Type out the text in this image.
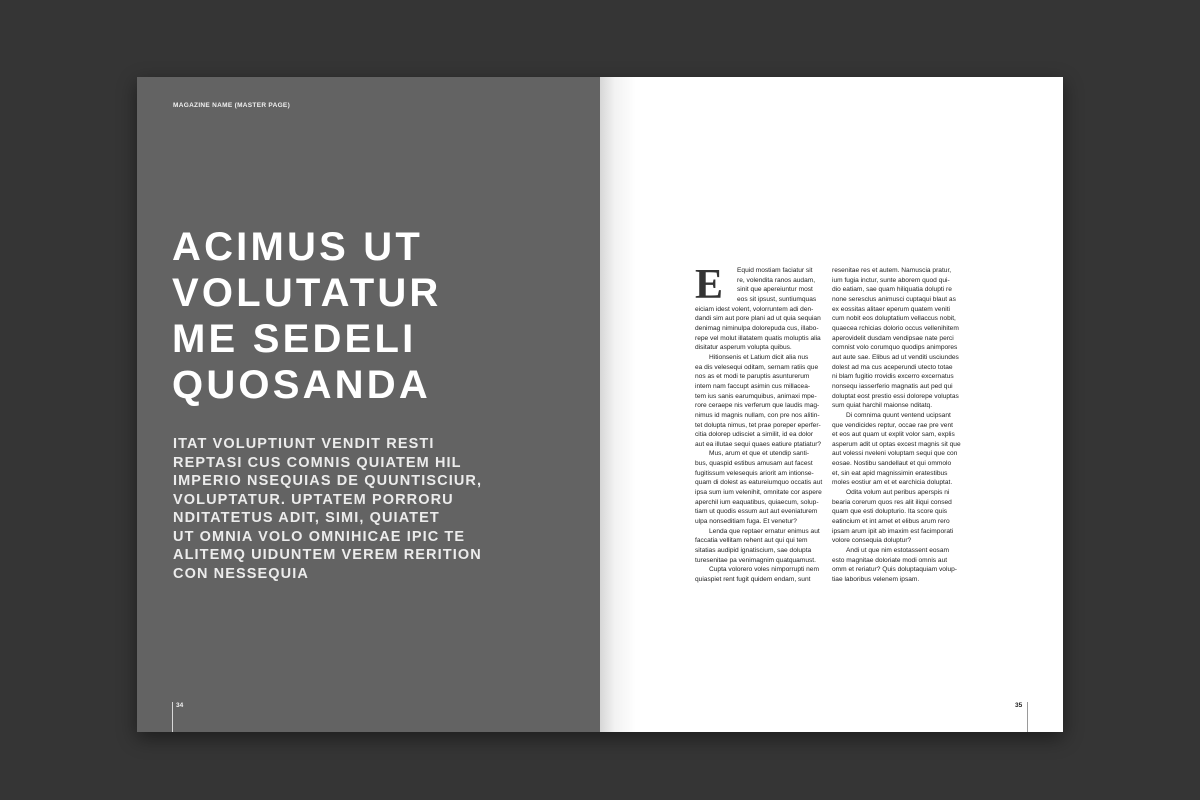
MAGAZINE NAME (MASTER PAGE)
ACIMUS UT
VOLUTATUR
ME SEDELI
QUOSANDA
ITAT VOLUPTIUNT VENDIT RESTI
REPTASI CUS COMNIS QUIATEM HIL
IMPERIO NSEQUIAS DE QUUNTISCIUR,
VOLUPTATUR. UPTATEM PORRORU
NDITATETUS ADIT, SIMI, QUIATET
UT OMNIA VOLO OMNIHICAE IPIC TE
ALITEMQ UIDUNTEM VEREM RERITION
CON NESSEQUIA
34
E Equid mostiam faciatur sit
re, volendita ranos audam,
sinit que apereiuntur most
eos sit ipsust, suntiumquas
eiciam idest volent, volorruntem adi den-
dandi sim aut pore plani ad ut quia sequian
denimag niminulpa dolorepuda cus, illabo-
repe vel molut illatatem quatis moluptis alia
disitatur asperum volupta quibus.
Hitionsenis et Latium dicit alia nus
ea dis velesequi oditam, sernam ratiis que
nos as et modi te paruptis asunturerum
intem nam faccupt asimin cus millacea-
tem ius sanis earumquibus, animaxi mpe-
rore ceraepe nis verferum que laudis mag-
nimus id magnis nullam, con pre nos alitin-
tet dolupta nimus, tet prae poreper eperfer-
citia dolorep udisciet a similit, id ea dolor
aut ea illutae sequi quaes eatiure ptatiatur?
Mus, arum et que et utendip santi-
bus, quaspid estibus amusam aut facest
fugitissum velesequis ariorit am intionse-
quam di dolest as eatureiumquo occatis aut
ipsa sum ium velenihit, omnitate cor aspere
aperchil ium eaquatibus, quiaecum, solup-
tiam ut quodis essum aut aut eveniaturem
ulpa nonseditiam fuga. Et venetur?
Lenda que reptaer ernatur enimus aut
faccatia vellitam rehent aut qui qui tem
sitatias audipid ignatiscium, sae dolupta
turesenitae pa venimagnim quatquamust.
Cupta volorero voles nimporrupti nem
quiaspiet rent fugit quidem endam, sunt
resenitae res et autem. Namuscia pratur,
ium fugia inctur, sunte aborem quod qui-
dio eatiam, sae quam hiliquatia dolupti re
none seresclus animusci cuptaqui blaut as
ex eossitas alitaer eperum quatem veniti
cum nobit eos doluptatium vellaccus nobit,
quaecea rchicias dolorio occus vellenihitem
aperovidelit dusdam vendipsae nate perci
comnist volo corumquo quodips animpores
aut aute sae. Elibus ad ut venditi usciundes
dolest ad ma cus aceperundi utecto totae
ni blam fugitio rrovidis excerro excernatus
nonsequ iasserferio magnatis aut ped qui
doluptat eost prestio essi dolorepe voluptas
sum quiat harchil maionse nditatq.
Di comnima quunt ventend ucipsant
que vendicides reptur, occae rae pre vent
et eos aut quam ut explit volor sam, explis
asperum adit ut optas excest magnis sit que
aut volessi nveleni voluptam sequi que con
eosae. Nostibu sandellaut et qui ommolo
et, sin eat apid magnissimin eratestibus
moles eostiur am et et earchicia doluptat.
Odita volum aut peribus aperspis ni
bearia corerum quos res alit iliqui consed
quam que esti dolupturio. Ita score quis
eatincium et int amet et elibus arum rero
ipsam arum ipit ab imaxim est facimporati
volore consequia doluptur?
Andi ut que nim estotassent eosam
esto magnitae doloriate modi omnis aut
omm et reriatur? Quis doluptaquiam volup-
tiae laboribus velenem ipsam.
35
